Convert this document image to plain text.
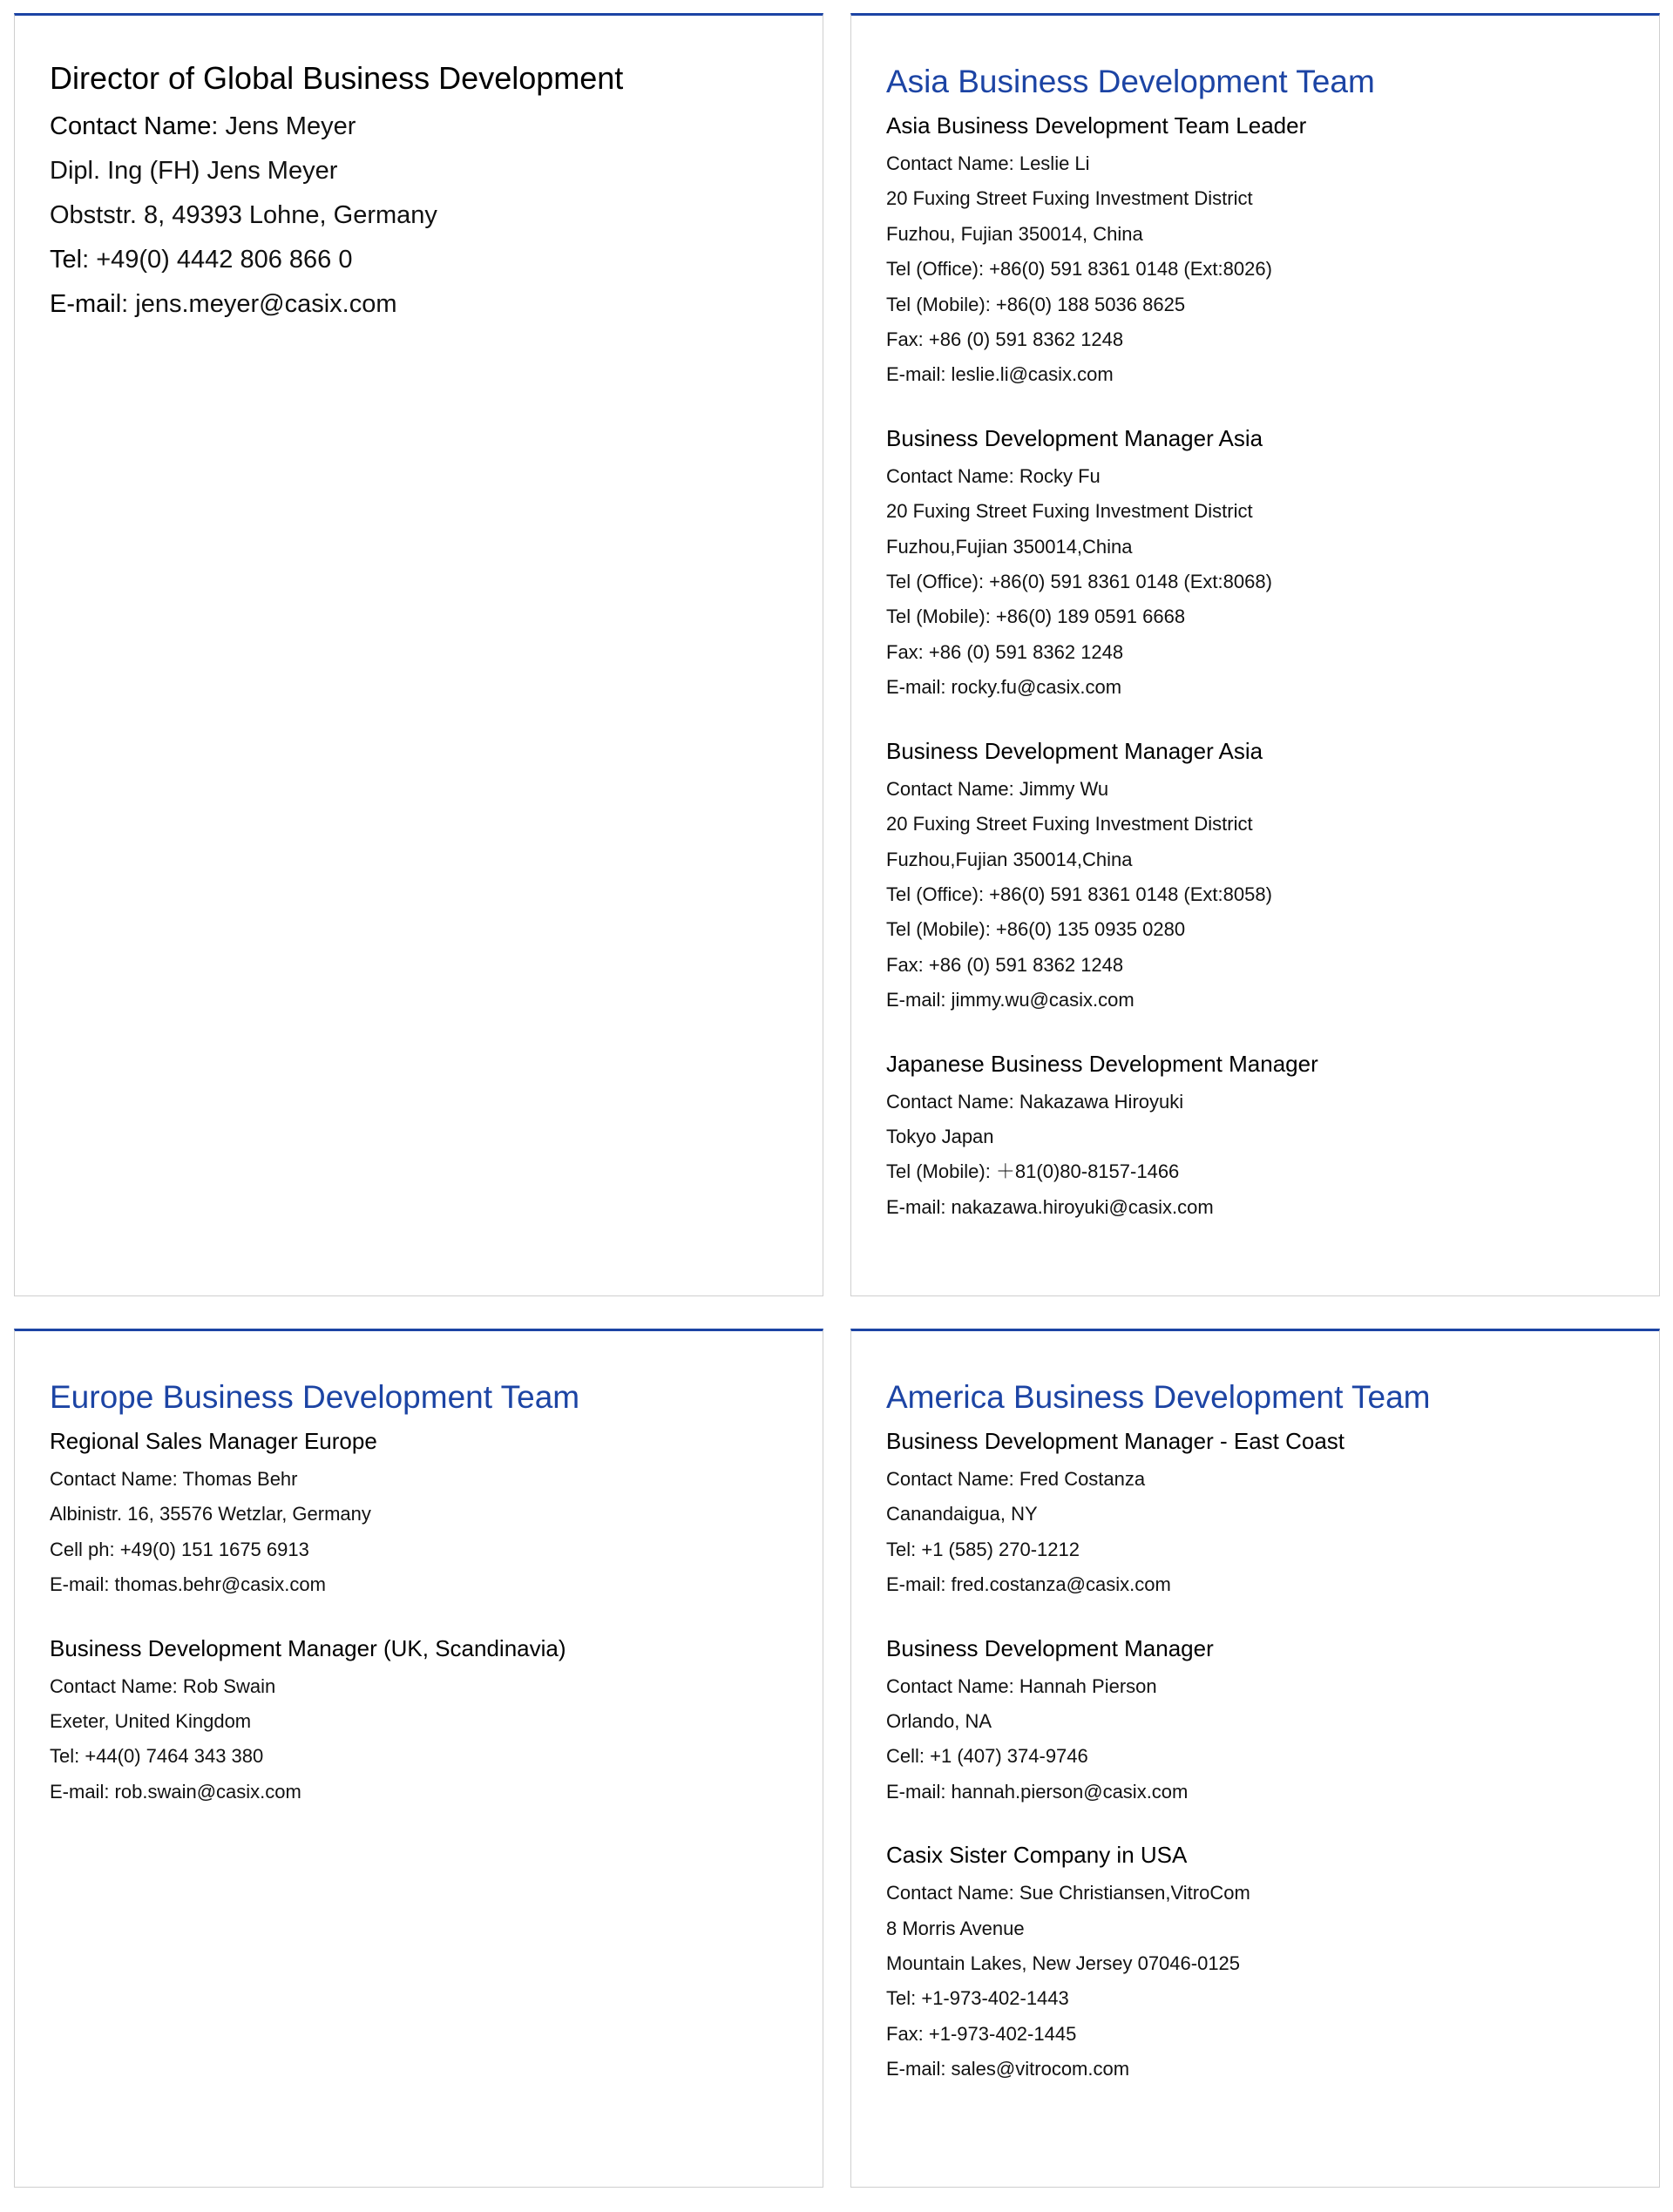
Director of Global Business Development
Contact Name: Jens Meyer
Dipl. Ing (FH) Jens Meyer
Obststr. 8, 49393 Lohne, Germany
Tel: +49(0) 4442 806 866 0
E-mail: jens.meyer@casix.com
Asia Business Development Team
Asia Business Development Team Leader
Contact Name: Leslie Li
20 Fuxing Street Fuxing Investment District
Fuzhou, Fujian 350014, China
Tel (Office): +86(0) 591 8361 0148 (Ext:8026)
Tel (Mobile): +86(0) 188 5036 8625
Fax: +86 (0) 591 8362 1248
E-mail: leslie.li@casix.com
Business Development Manager Asia
Contact Name: Rocky Fu
20 Fuxing Street Fuxing Investment District
Fuzhou,Fujian 350014,China
Tel (Office): +86(0) 591 8361 0148 (Ext:8068)
Tel (Mobile): +86(0) 189 0591 6668
Fax: +86 (0) 591 8362 1248
E-mail: rocky.fu@casix.com
Business Development Manager Asia
Contact Name: Jimmy Wu
20 Fuxing Street Fuxing Investment District
Fuzhou,Fujian 350014,China
Tel (Office): +86(0) 591 8361 0148 (Ext:8058)
Tel (Mobile): +86(0) 135 0935 0280
Fax: +86 (0) 591 8362 1248
E-mail: jimmy.wu@casix.com
Japanese Business Development Manager
Contact Name: Nakazawa Hiroyuki
Tokyo Japan
Tel (Mobile): ＋81(0)80-8157-1466
E-mail: nakazawa.hiroyuki@casix.com
Europe Business Development Team
Regional Sales Manager Europe
Contact Name: Thomas Behr
Albinistr. 16, 35576 Wetzlar, Germany
Cell ph: +49(0) 151 1675 6913
E-mail: thomas.behr@casix.com
Business Development Manager (UK, Scandinavia)
Contact Name: Rob Swain
Exeter, United Kingdom
Tel: +44(0) 7464 343 380
E-mail: rob.swain@casix.com
America Business Development Team
Business Development Manager - East Coast
Contact Name: Fred Costanza
Canandaigua, NY
Tel: +1 (585) 270-1212
E-mail: fred.costanza@casix.com
Business Development Manager
Contact Name: Hannah Pierson
Orlando, NA
Cell: +1 (407) 374-9746
E-mail: hannah.pierson@casix.com
Casix Sister Company in USA
Contact Name: Sue Christiansen,VitroCom
8 Morris Avenue
Mountain Lakes, New Jersey 07046-0125
Tel: +1-973-402-1443
Fax: +1-973-402-1445
E-mail: sales@vitrocom.com
